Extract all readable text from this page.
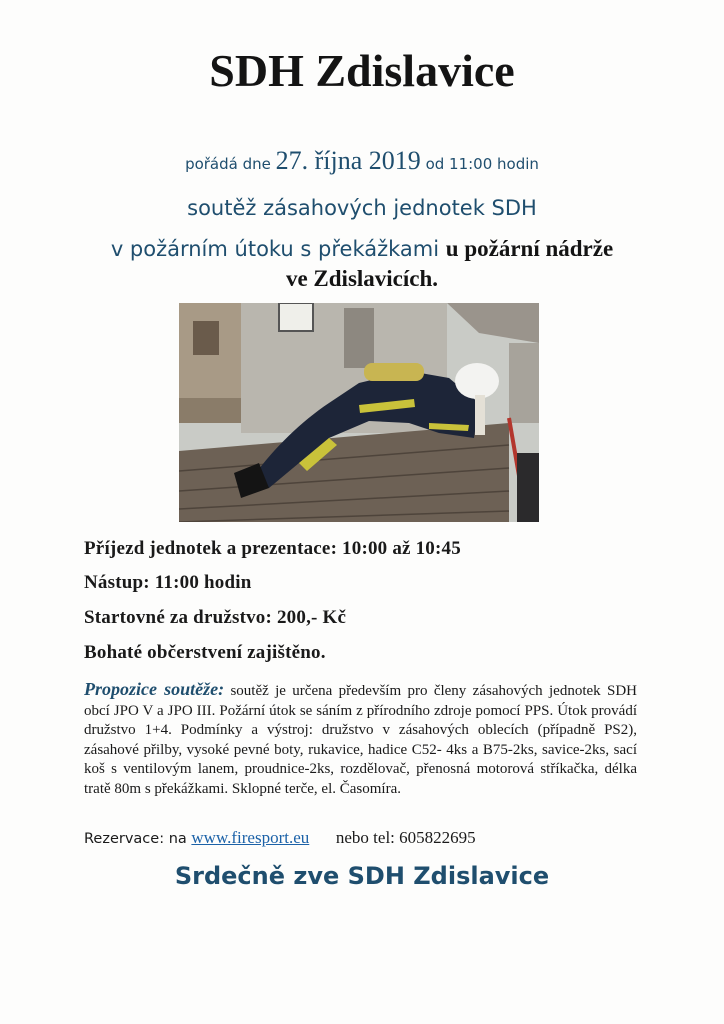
SDH Zdislavice
pořádá dne 27. října 2019 od 11:00 hodin
soutěž zásahových jednotek SDH
v požárním útoku s překážkami u požární nádrže
ve Zdislavicích.
Příjezd jednotek a prezentace: 10:00 až 10:45
Nástup: 11:00 hodin
Startovné za družstvo: 200,- Kč
Bohaté občerstvení zajištěno.
Propozice soutěže: soutěž je určena především pro členy zásahových jednotek SDH obcí JPO V a JPO III. Požární útok se sáním z přírodního zdroje pomocí PPS. Útok provádí družstvo 1+4. Podmínky a výstroj: družstvo v zásahových oblecích (případně PS2), zásahové přilby, vysoké pevné boty, rukavice, hadice C52- 4ks a B75-2ks, savice-2ks, sací koš s ventilovým lanem, proudnice-2ks, rozdělovač, přenosná motorová stříkačka, délka tratě 80m s překážkami. Sklopné terče, el. Časomíra.
Rezervace: na www.firesport.eu nebo tel: 605822695
Srdečně zve SDH Zdislavice
